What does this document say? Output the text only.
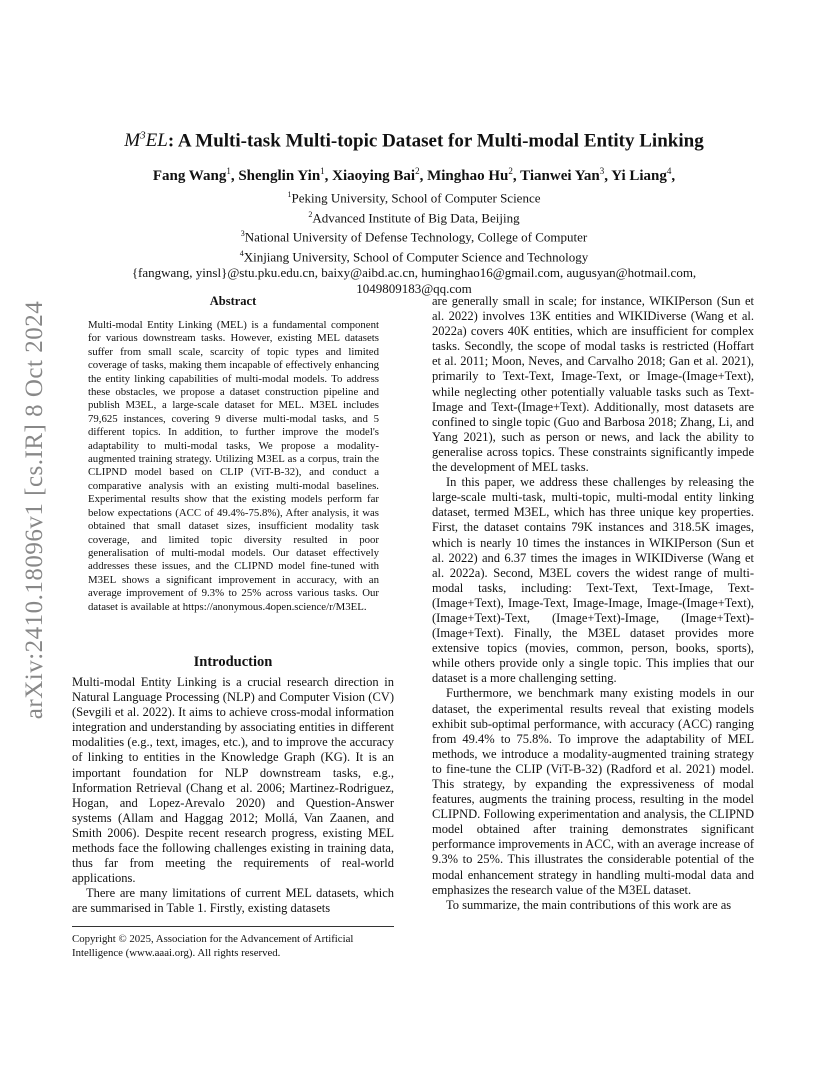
arXiv:2410.18096v1 [cs.IR] 8 Oct 2024
$M^3EL$: A Multi-task Multi-topic Dataset for Multi-modal Entity Linking
Fang Wang$^1$, Shenglin Yin$^1$, Xiaoying Bai$^2$, Minghao Hu$^2$, Tianwei Yan$^3$, Yi Liang$^4$,
$^1$Peking University, School of Computer Science
$^2$Advanced Institute of Big Data, Beijing
$^3$National University of Defense Technology, College of Computer
$^4$Xinjiang University, School of Computer Science and Technology
{fangwang, yinsl}@stu.pku.edu.cn, baixy@aibd.ac.cn, huminghao16@gmail.com, augusyan@hotmail.com,
1049809183@qq.com
Abstract

Multi-modal Entity Linking (MEL) is a fundamental component for various downstream tasks. However, existing MEL datasets suffer from small scale, scarcity of topic types and limited coverage of tasks, making them incapable of effectively enhancing the entity linking capabilities of multi-modal models. To address these obstacles, we propose a dataset construction pipeline and publish M3EL, a large-scale dataset for MEL. M3EL includes 79,625 instances, covering 9 diverse multi-modal tasks, and 5 different topics. In addition, to further improve the model's adaptability to multi-modal tasks, We propose a modality-augmented training strategy. Utilizing M3EL as a corpus, train the CLIPND model based on CLIP (ViT-B-32), and conduct a comparative analysis with an existing multi-modal baselines. Experimental results show that the existing models perform far below expectations (ACC of 49.4%-75.8%), After analysis, it was obtained that small dataset sizes, insufficient modality task coverage, and limited topic diversity resulted in poor generalisation of multi-modal models. Our dataset effectively addresses these issues, and the CLIPND model fine-tuned with M3EL shows a significant improvement in accuracy, with an average improvement of 9.3% to 25% across various tasks. Our dataset is available at https://anonymous.4open.science/r/M3EL.

Introduction

Multi-modal Entity Linking is a crucial research direction in Natural Language Processing (NLP) and Computer Vision (CV) (Sevgili et al. 2022). It aims to achieve cross-modal information integration and understanding by associating entities in different modalities (e.g., text, images, etc.), and to improve the accuracy of linking to entities in the Knowledge Graph (KG). It is an important foundation for NLP downstream tasks, e.g., Information Retrieval (Chang et al. 2006; Martinez-Rodriguez, Hogan, and Lopez-Arevalo 2020) and Question-Answer systems (Allam and Haggag 2012; Mollá, Van Zaanen, and Smith 2006). Despite recent research progress, existing MEL methods face the following challenges existing in training data, thus far from meeting the requirements of real-world applications.

There are many limitations of current MEL datasets, which are summarised in Table 1. Firstly, existing datasets

Copyright © 2025, Association for the Advancement of Artificial Intelligence (www.aaai.org). All rights reserved.

are generally small in scale; for instance, WIKIPerson (Sun et al. 2022) involves 13K entities and WIKIDiverse (Wang et al. 2022a) covers 40K entities, which are insufficient for complex tasks. Secondly, the scope of modal tasks is restricted (Hoffart et al. 2011; Moon, Neves, and Carvalho 2018; Gan et al. 2021), primarily to Text-Text, Image-Text, or Image-(Image+Text), while neglecting other potentially valuable tasks such as Text-Image and Text-(Image+Text). Additionally, most datasets are confined to single topic (Guo and Barbosa 2018; Zhang, Li, and Yang 2021), such as person or news, and lack the ability to generalise across topics. These constraints significantly impede the development of MEL tasks.

In this paper, we address these challenges by releasing the large-scale multi-task, multi-topic, multi-modal entity linking dataset, termed M3EL, which has three unique key properties. First, the dataset contains 79K instances and 318.5K images, which is nearly 10 times the instances in WIKIPerson (Sun et al. 2022) and 6.37 times the images in WIKIDiverse (Wang et al. 2022a). Second, M3EL covers the widest range of multi-modal tasks, including: Text-Text, Text-Image, Text-(Image+Text), Image-Text, Image-Image, Image-(Image+Text), (Image+Text)-Text, (Image+Text)-Image, (Image+Text)-(Image+Text). Finally, the M3EL dataset provides more extensive topics (movies, common, person, books, sports), while others provide only a single topic. This implies that our dataset is a more challenging setting.

Furthermore, we benchmark many existing models in our dataset, the experimental results reveal that existing models exhibit sub-optimal performance, with accuracy (ACC) ranging from 49.4% to 75.8%. To improve the adaptability of MEL methods, we introduce a modality-augmented training strategy to fine-tune the CLIP (ViT-B-32) (Radford et al. 2021) model. This strategy, by expanding the expressiveness of modal features, augments the training process, resulting in the model CLIPND. Following experimentation and analysis, the CLIPND model obtained after training demonstrates significant performance improvements in ACC, with an average increase of 9.3% to 25%. This illustrates the considerable potential of the modal enhancement strategy in handling multi-modal data and emphasizes the research value of the M3EL dataset.

To summarize, the main contributions of this work are as
